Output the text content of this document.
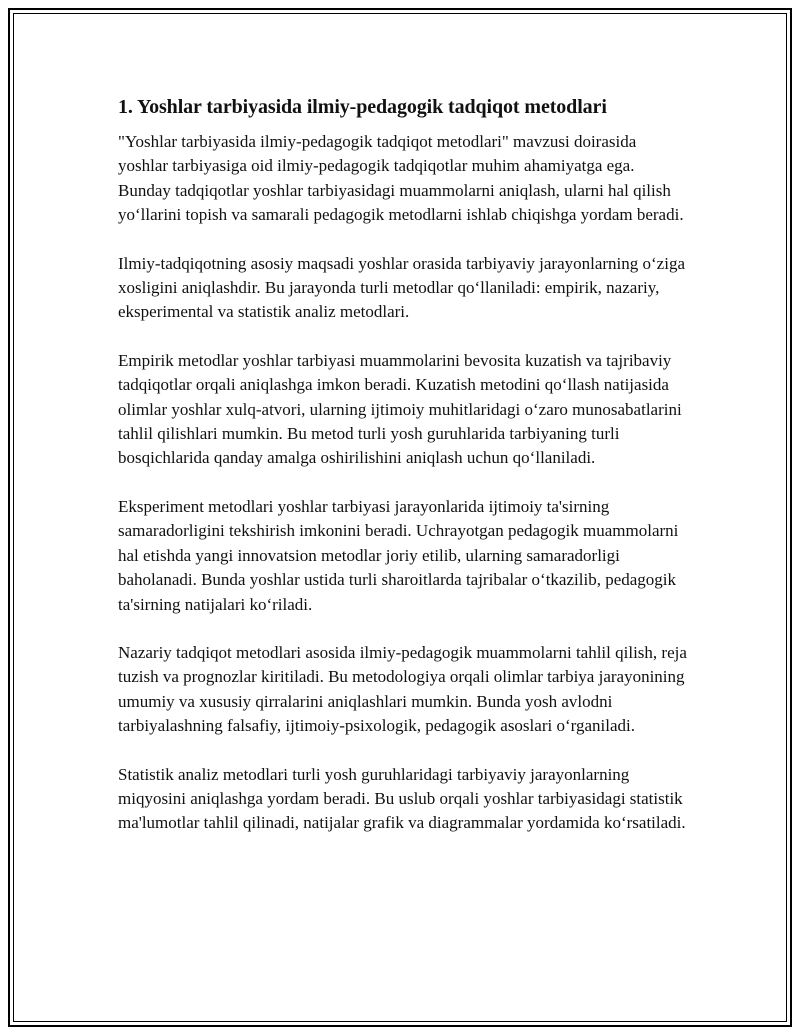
1. Yoshlar tarbiyasida ilmiy-pedagogik tadqiqot metodlari

"Yoshlar tarbiyasida ilmiy-pedagogik tadqiqot metodlari" mavzusi doirasida yoshlar tarbiyasiga oid ilmiy-pedagogik tadqiqotlar muhim ahamiyatga ega. Bunday tadqiqotlar yoshlar tarbiyasidagi muammolarni aniqlash, ularni hal qilish yo‘llarini topish va samarali pedagogik metodlarni ishlab chiqishga yordam beradi.

Ilmiy-tadqiqotning asosiy maqsadi yoshlar orasida tarbiyaviy jarayonlarning o‘ziga xosligini aniqlashdir. Bu jarayonda turli metodlar qo‘llaniladi: empirik, nazariy, eksperimental va statistik analiz metodlari.

Empirik metodlar yoshlar tarbiyasi muammolarini bevosita kuzatish va tajribaviy tadqiqotlar orqali aniqlashga imkon beradi. Kuzatish metodini qo‘llash natijasida olimlar yoshlar xulq-atvori, ularning ijtimoiy muhitlaridagi o‘zaro munosabatlarini tahlil qilishlari mumkin. Bu metod turli yosh guruhlarida tarbiyaning turli bosqichlarida qanday amalga oshirilishini aniqlash uchun qo‘llaniladi.

Eksperiment metodlari yoshlar tarbiyasi jarayonlarida ijtimoiy ta'sirning samaradorligini tekshirish imkonini beradi. Uchrayotgan pedagogik muammolarni hal etishda yangi innovatsion metodlar joriy etilib, ularning samaradorligi baholanadi. Bunda yoshlar ustida turli sharoitlarda tajribalar o‘tkazilib, pedagogik ta'sirning natijalari ko‘riladi.

Nazariy tadqiqot metodlari asosida ilmiy-pedagogik muammolarni tahlil qilish, reja tuzish va prognozlar kiritiladi. Bu metodologiya orqali olimlar tarbiya jarayonining umumiy va xususiy qirralarini aniqlashlari mumkin. Bunda yosh avlodni tarbiyalashning falsafiy, ijtimoiy-psixologik, pedagogik asoslari o‘rganiladi.

Statistik analiz metodlari turli yosh guruhlaridagi tarbiyaviy jarayonlarning miqyosini aniqlashga yordam beradi. Bu uslub orqali yoshlar tarbiyasidagi statistik ma'lumotlar tahlil qilinadi, natijalar grafik va diagrammalar yordamida ko‘rsatiladi.
